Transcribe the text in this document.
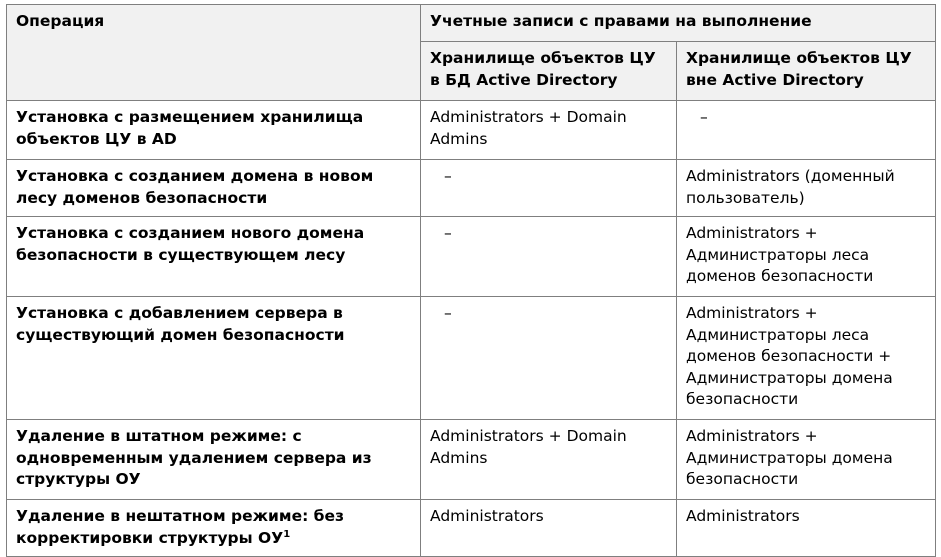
Операция	Учетные записи с правами на выполнение	
	Хранилище объектов ЦУ в БД Active Directory	Хранилище объектов ЦУ вне Active Directory
Установка с размещением хранилища объектов ЦУ в AD	Administrators + Domain Admins	–
Установка с созданием домена в новом лесу доменов безопасности	–	Administrators (доменный пользователь)
Установка с созданием нового домена безопасности в существующем лесу	–	Administrators + Администраторы леса доменов безопасности
Установка с добавлением сервера в существующий домен безопасности	–	Administrators + Администраторы леса доменов безопасности + Администраторы домена безопасности
Удаление в штатном режиме: с одновременным удалением сервера из структуры ОУ	Administrators + Domain Admins	Administrators + Администраторы домена безопасности
Удаление в нештатном режиме: без корректировки структуры $ОУ^1$	Administrators	Administrators
